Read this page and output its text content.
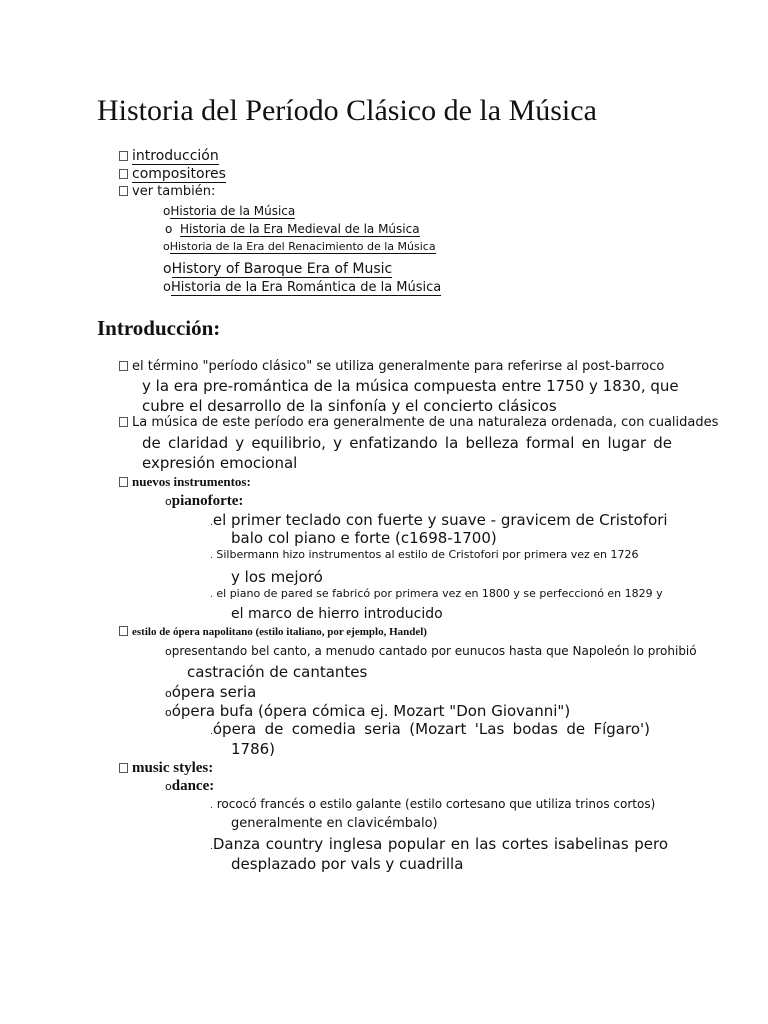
Historia del Período Clásico de la Música
introducción
compositores
ver también:
oHistoria de la Música
o Historia de la Era Medieval de la Música
oHistoria de la Era del Renacimiento de la Música
oHistory of Baroque Era of Music
oHistoria de la Era Romántica de la Música
Introducción:
el término "período clásico" se utiliza generalmente para referirse al post-barroco
y la era pre-romántica de la música compuesta entre 1750 y 1830, que
cubre el desarrollo de la sinfonía y el concierto clásicos
La música de este período era generalmente de una naturaleza ordenada, con cualidades
de claridad y equilibrio, y enfatizando la belleza formal en lugar de
expresión emocional
nuevos instrumentos:
opianoforte:
.el primer teclado con fuerte y suave - gravicem de Cristofori
balo col piano e forte (c1698-1700)
. Silbermann hizo instrumentos al estilo de Cristofori por primera vez en 1726
y los mejoró
. el piano de pared se fabricó por primera vez en 1800 y se perfeccionó en 1829 y
el marco de hierro introducido
estilo de ópera napolitano (estilo italiano, por ejemplo, Handel)
opresentando bel canto, a menudo cantado por eunucos hasta que Napoleón lo prohibió
castración de cantantes
oópera seria
oópera bufa (ópera cómica ej. Mozart "Don Giovanni")
.ópera de comedia seria (Mozart 'Las bodas de Fígaro')
1786)
music styles:
odance:
. rococó francés o estilo galante (estilo cortesano que utiliza trinos cortos)
generalmente en clavicémbalo)
.Danza country inglesa popular en las cortes isabelinas pero
desplazado por vals y cuadrilla
